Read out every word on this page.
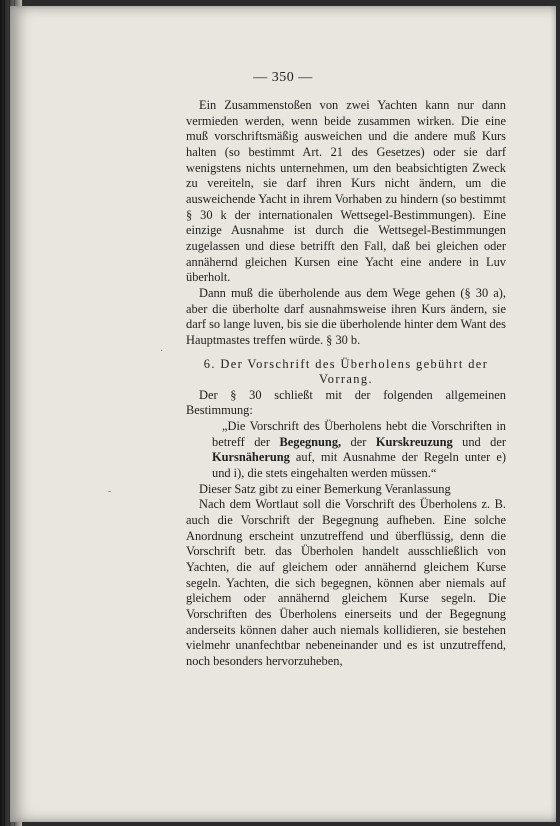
— 350 —

Ein Zusammenstoßen von zwei Yachten kann nur dann vermieden werden, wenn beide zusammen wirken. Die eine muß vorschriftsmäßig ausweichen und die andere muß Kurs halten (so bestimmt Art. 21 des Gesetzes) oder sie darf wenigstens nichts unternehmen, um den beabsichtigten Zweck zu vereiteln, sie darf ihren Kurs nicht ändern, um die ausweichende Yacht in ihrem Vorhaben zu hindern (so bestimmt § 30 k der internationalen Wettsegel-Bestimmungen). Eine einzige Ausnahme ist durch die Wettsegel-Bestimmungen zugelassen und diese betrifft den Fall, daß bei gleichen oder annähernd gleichen Kursen eine Yacht eine andere in Luv überholt.

Dann muß die überholende aus dem Wege gehen (§ 30 a), aber die überholte darf ausnahmsweise ihren Kurs ändern, sie darf so lange luven, bis sie die überholende hinter dem Want des Hauptmastes treffen würde. § 30 b.

6. Der Vorschrift des Überholens gebührt der Vorrang.

Der § 30 schließt mit der folgenden allgemeinen Bestimmung:

„Die Vorschrift des Überholens hebt die Vorschriften in betreff der Begegnung, der Kurskreuzung und der Kursnäherung auf, mit Ausnahme der Regeln unter e) und i), die stets eingehalten werden müssen.“

Dieser Satz gibt zu einer Bemerkung Veranlassung

Nach dem Wortlaut soll die Vorschrift des Überholens z. B. auch die Vorschrift der Begegnung aufheben. Eine solche Anordnung erscheint unzutreffend und überflüssig, denn die Vorschrift betr. das Überholen handelt ausschließlich von Yachten, die auf gleichem oder annähernd gleichem Kurse segeln. Yachten, die sich begegnen, können aber niemals auf gleichem oder annähernd gleichem Kurse segeln. Die Vorschriften des Überholens einerseits und der Begegnung anderseits können daher auch niemals kollidieren, sie bestehen vielmehr unanfechtbar nebeneinander und es ist unzutreffend, noch besonders hervorzuheben,

·
-
